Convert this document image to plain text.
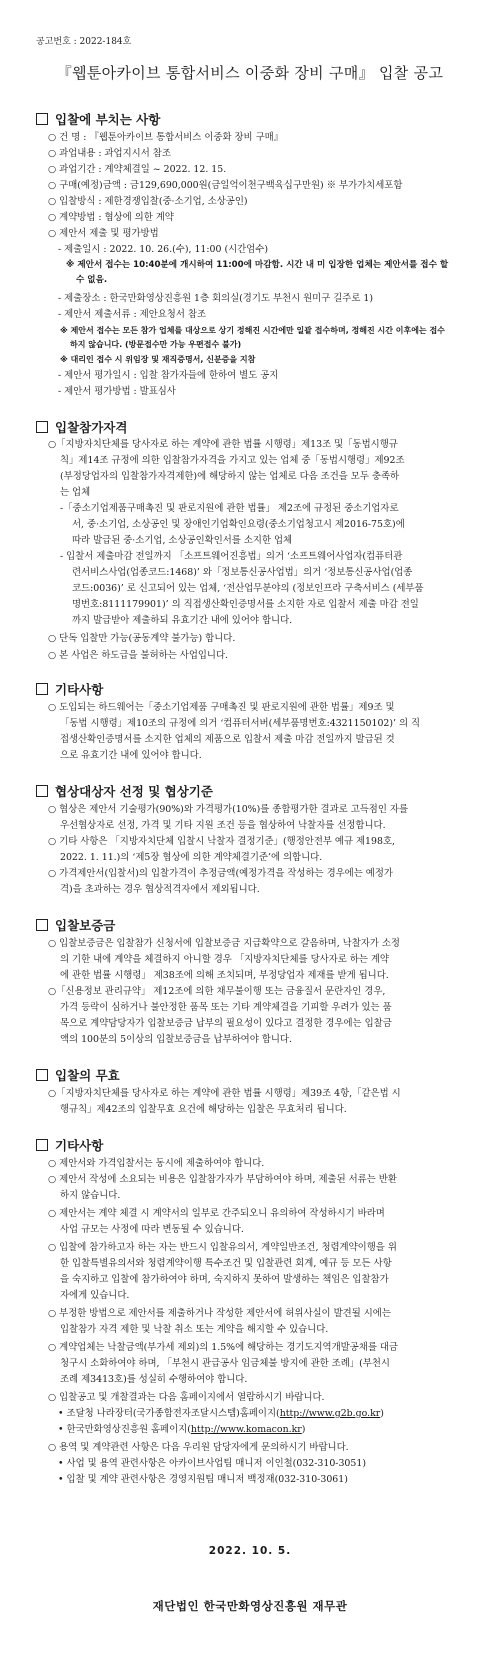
공고번호 : 2022-184호
『웹툰아카이브 통합서비스 이중화 장비 구매』 입찰 공고
입찰에 부치는 사항
○ 건 명 : 『웹툰아카이브 통합서비스 이중화 장비 구매』
○ 과업내용 : 과업지시서 참조
○ 과업기간 : 계약체결일 ~ 2022. 12. 15.
○ 구매(예정)금액 : 금129,690,000원(금일억이천구백육십구만원) ※ 부가가치세포함
○ 입찰방식 : 제한경쟁입찰(중·소기업, 소상공인)
○ 계약방법 : 협상에 의한 계약
○ 제안서 제출 및 평가방법
- 제출일시 : 2022. 10. 26.(수), 11:00 (시간엄수)
※ 제안서 접수는 10:40분에 개시하여 11:00에 마감함. 시간 내 미 입장한 업체는 제안서를 접수 할
수 없음.
- 제출장소 : 한국만화영상진흥원 1층 회의실(경기도 부천시 원미구 길주로 1)
- 제안서 제출서류 : 제안요청서 참조
※ 제안서 접수는 모든 참가 업체를 대상으로 상기 정해진 시간에만 일괄 접수하며, 정해진 시간 이후에는 접수
하지 않습니다. (방문접수만 가능 우편접수 불가)
※ 대리인 접수 시 위임장 및 재직증명서, 신분증을 지참
- 제안서 평가일시 : 입찰 참가자들에 한하여 별도 공지
- 제안서 평가방법 : 발표심사
입찰참가자격
○「지방자치단체를 당사자로 하는 계약에 관한 법률 시행령」제13조 및「동법시행규
칙」제14조 규정에 의한 입찰참가자격을 가지고 있는 업체 중「동법시행령」제92조
(부정당업자의 입찰참가자격제한)에 해당하지 않는 업체로 다음 조건을 모두 충족하
는 업체
-「중소기업제품구매촉진 및 판로지원에 관한 법률」 제2조에 규정된 중소기업자로
서, 중·소기업, 소상공인 및 장애인기업확인요령(중소기업청고시 제2016-75호)에
따라 발급된 중·소기업, 소상공인확인서를 소지한 업체
- 입찰서 제출마감 전일까지 「소프트웨어진흥법」의거 ‘소프트웨어사업자(컴퓨터관
련서비스사업(업종코드:1468)’ 와「정보통신공사업법」의거 ‘정보통신공사업(업종
코드:0036)’ 로 신고되어 있는 업체, ‘전산업무분야의 (정보인프라 구축서비스 (세부품
명번호:8111179901)’ 의 직접생산확인증명서를 소지한 자로 입찰서 제출 마감 전일
까지 발급받아 제출하되 유효기간 내에 있어야 합니다.
○ 단독 입찰만 가능(공동계약 불가능) 합니다.
○ 본 사업은 하도급을 불허하는 사업입니다.
기타사항
○ 도입되는 하드웨어는「중소기업제품 구매촉진 및 판로지원에 관한 법률」제9조 및
「동법 시행령」제10조의 규정에 의거 ‘컴퓨터서버(세부품명번호:4321150102)’ 의 직
접생산확인증명서를 소지한 업체의 제품으로 입찰서 제출 마감 전일까지 발급된 것
으로 유효기간 내에 있어야 합니다.
협상대상자 선정 및 협상기준
○ 협상은 제안서 기술평가(90%)와 가격평가(10%)를 종합평가한 결과로 고득점인 자를
우선협상자로 선정, 가격 및 기타 지원 조건 등을 협상하여 낙찰자를 선정합니다.
○ 기타 사항은 「지방자치단체 입찰시 낙찰자 결정기준」(행정안전부 예규 제198호,
2022. 1. 11.)의 ‘제5장 협상에 의한 계약체결기준’에 의합니다.
○ 가격제안서(입찰서)의 입찰가격이 추정금액(예정가격을 작성하는 경우에는 예정가
격)을 초과하는 경우 협상적격자에서 제외됩니다.
입찰보증금
○ 입찰보증금은 입찰참가 신청서에 입찰보증금 지급확약으로 갈음하며, 낙찰자가 소정
의 기한 내에 계약을 체결하지 아니할 경우 「지방자치단체를 당사자로 하는 계약
에 관한 법률 시행령」 제38조에 의해 조치되며, 부정당업자 제재를 받게 됩니다.
○「신용정보 관리규약」 제12조에 의한 채무불이행 또는 금융질서 문란자인 경우,
가격 등락이 심하거나 불안정한 품목 또는 기타 계약체결을 기피할 우려가 있는 품
목으로 계약담당자가 입찰보증금 납부의 필요성이 있다고 결정한 경우에는 입찰금
액의 100분의 5이상의 입찰보증금을 납부하여야 합니다.
입찰의 무효
○「지방자치단체를 당사자로 하는 계약에 관한 법률 시행령」제39조 4항,「같은법 시
행규칙」제42조의 입찰무효 요건에 해당하는 입찰은 무효처리 됩니다.
기타사항
○ 제안서와 가격입찰서는 동시에 제출하여야 합니다.
○ 제안서 작성에 소요되는 비용은 입찰참가자가 부담하여야 하며, 제출된 서류는 반환
하지 않습니다.
○ 제안서는 계약 체결 시 계약서의 일부로 간주되오니 유의하여 작성하시기 바라며
사업 규모는 사정에 따라 변동될 수 있습니다.
○ 입찰에 참가하고자 하는 자는 반드시 입찰유의서, 계약일반조건, 청렴계약이행을 위
한 입찰특별유의서와 청렴계약이행 특수조건 및 입찰관련 회계, 예규 등 모든 사항
을 숙지하고 입찰에 참가하여야 하며, 숙지하지 못하여 발생하는 책임은 입찰참가
자에게 있습니다.
○ 부정한 방법으로 제안서를 제출하거나 작성한 제안서에 허위사실이 발견될 시에는
입찰참가 자격 제한 및 낙찰 취소 또는 계약을 해지할 수 있습니다.
○ 계약업체는 낙찰금액(부가세 제외)의 1.5%에 해당하는 경기도지역개발공채를 대금
청구시 소화하여야 하며, 「부천시 관급공사 임금체불 방지에 관한 조례」(부천시
조례 제3413호)를 성실히 수행하여야 합니다.
○ 입찰공고 및 개찰결과는 다음 홈페이지에서 열람하시기 바랍니다.
• 조달청 나라장터(국가종합전자조달시스템)홈페이지(http://www.g2b.go.kr)
• 한국만화영상진흥원 홈페이지(http://www.komacon.kr)
○ 용역 및 계약관련 사항은 다음 우리원 담당자에게 문의하시기 바랍니다.
• 사업 및 용역 관련사항은 아카이브사업팀 매니저 이인철(032-310-3051)
• 입찰 및 계약 관련사항은 경영지원팀 매니저 백정재(032-310-3061)
2022. 10. 5.
재단법인 한국만화영상진흥원 재무관
